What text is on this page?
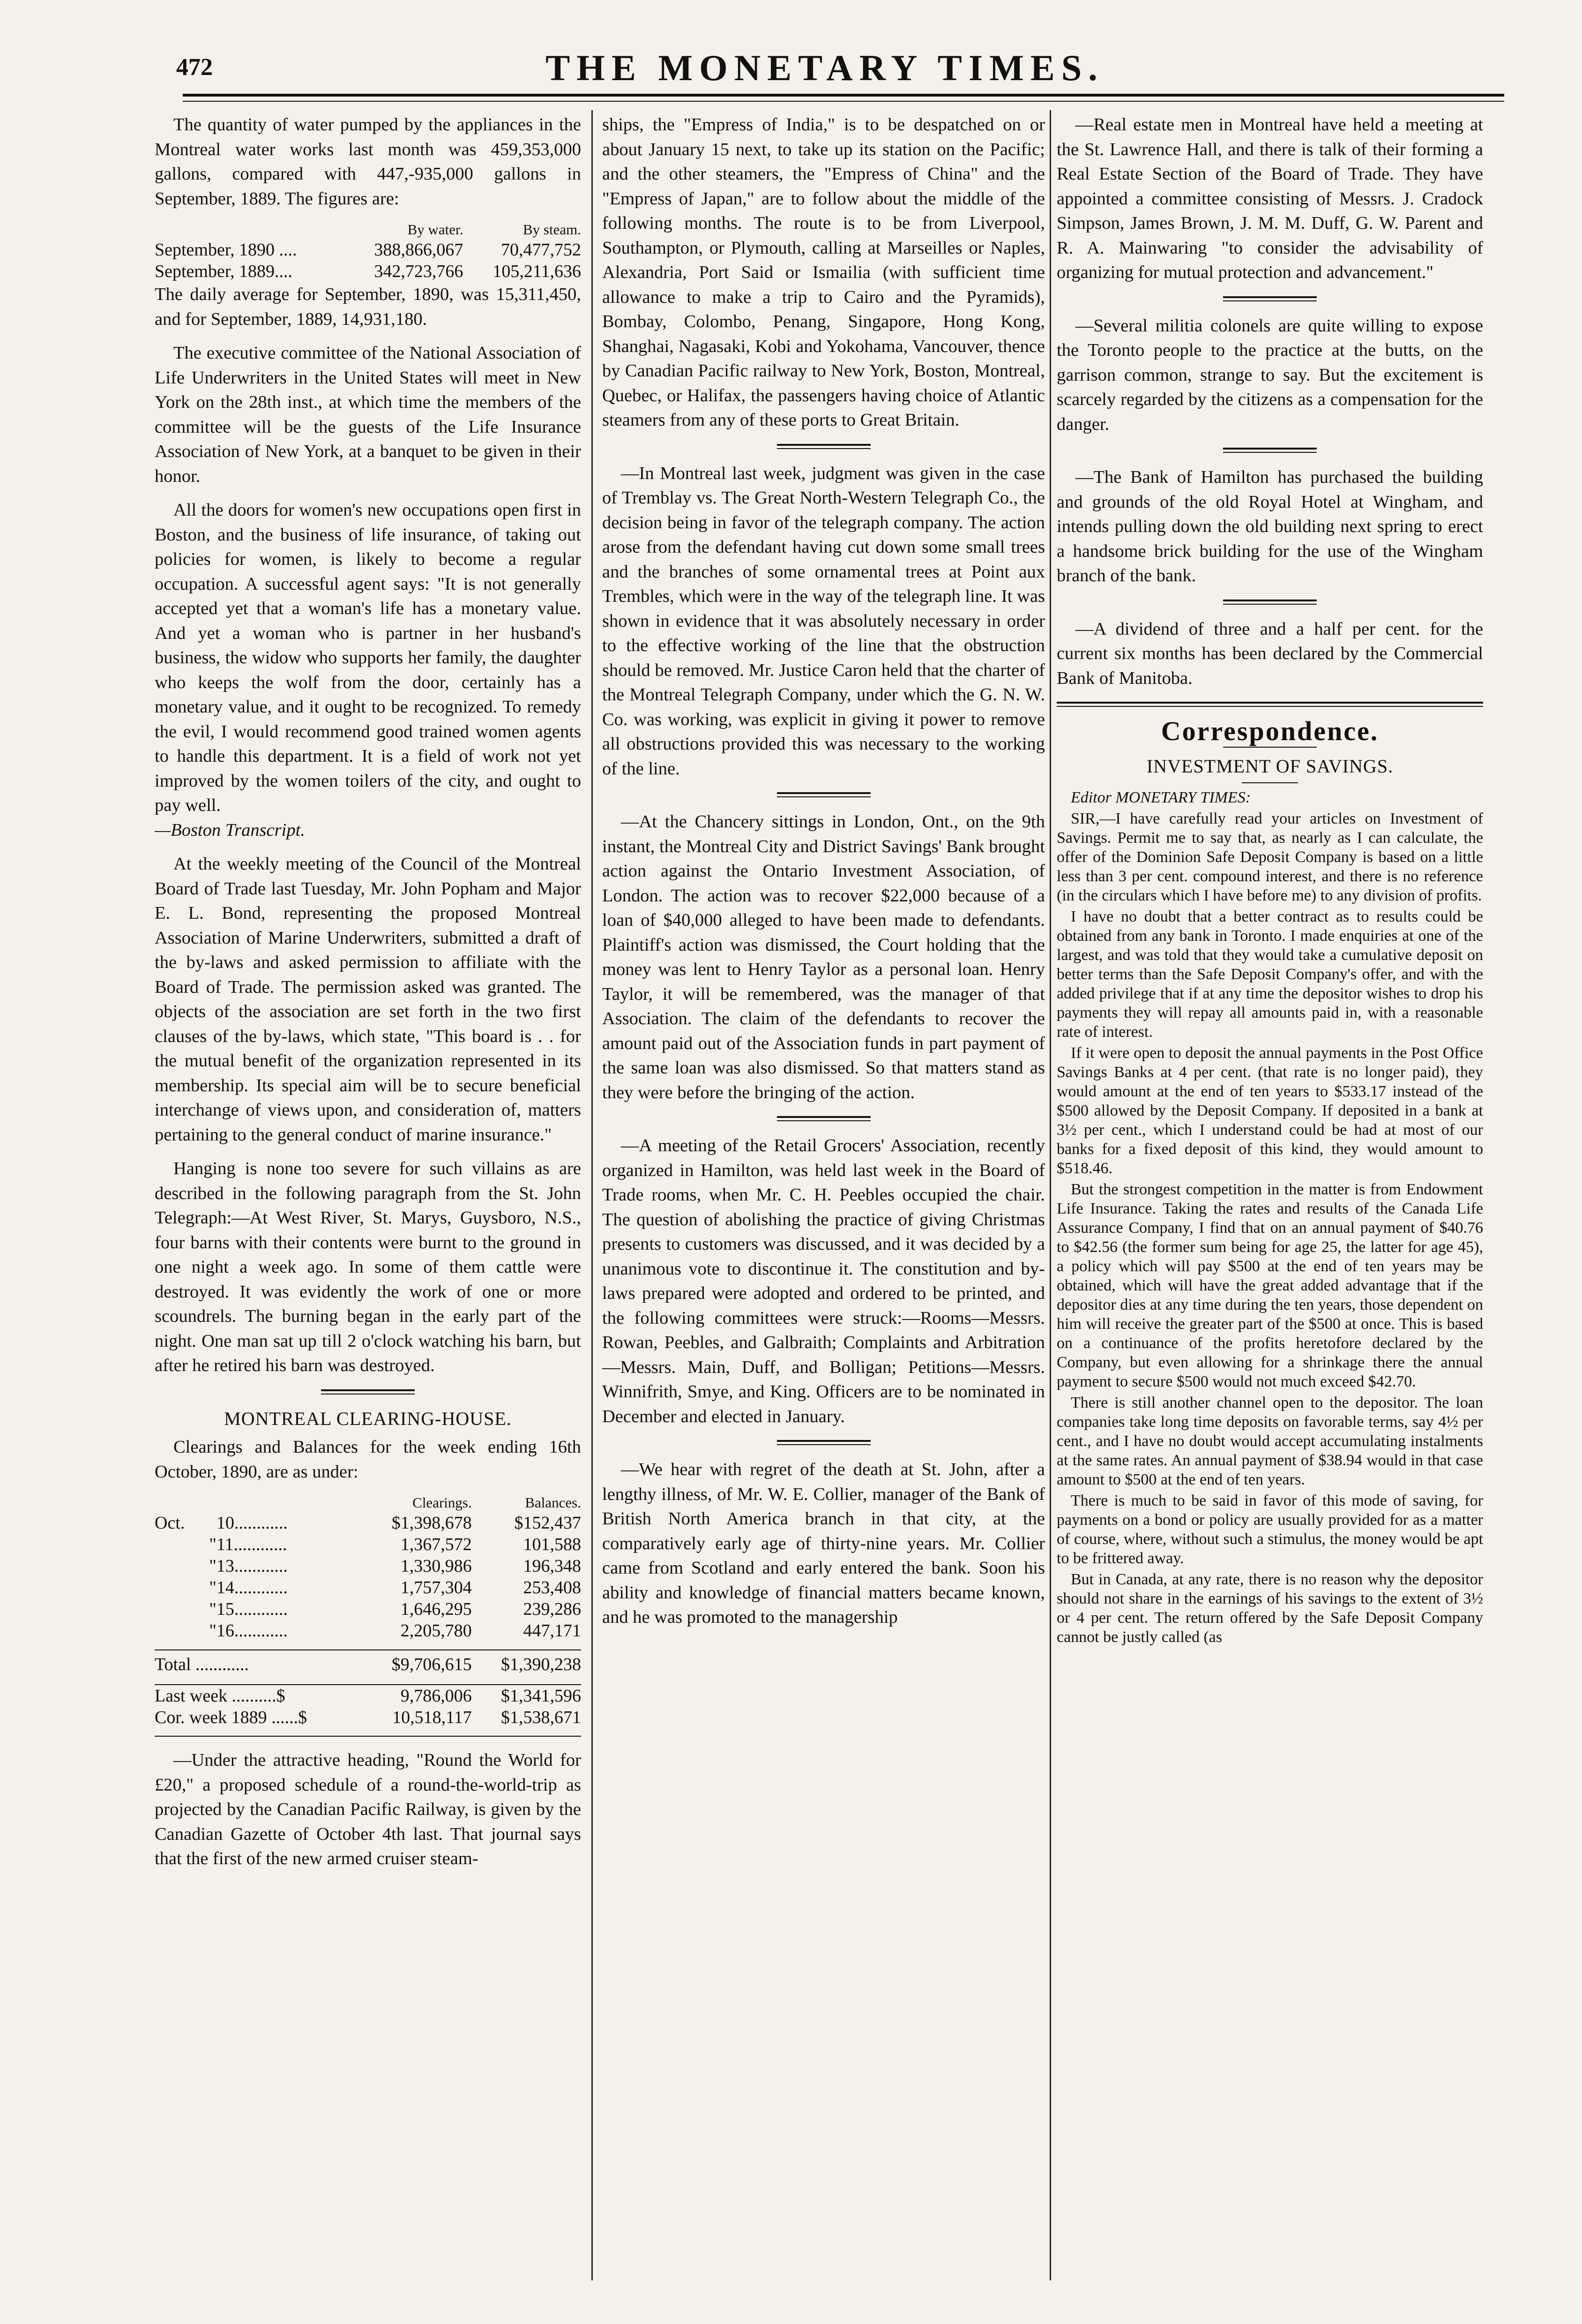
472	THE MONETARY TIMES.

The quantity of water pumped by the appliances in the Montreal water works last month was 459,353,000 gallons, compared with 447,-935,000 gallons in September, 1889. The figures are:

	By water.	By steam.
September, 1890 ....	388,866,067	70,477,752
September, 1889....	342,723,766	105,211,636

The daily average for September, 1890, was 15,311,450, and for September, 1889, 14,931,180.

The executive committee of the National Association of Life Underwriters in the United States will meet in New York on the 28th inst., at which time the members of the committee will be the guests of the Life Insurance Association of New York, at a banquet to be given in their honor.

All the doors for women's new occupations open first in Boston, and the business of life insurance, of taking out policies for women, is likely to become a regular occupation. A successful agent says: "It is not generally accepted yet that a woman's life has a monetary value. And yet a woman who is partner in her husband's business, the widow who supports her family, the daughter who keeps the wolf from the door, certainly has a monetary value, and it ought to be recognized. To remedy the evil, I would recommend good trained women agents to handle this department. It is a field of work not yet improved by the women toilers of the city, and ought to pay well.
—Boston Transcript.

At the weekly meeting of the Council of the Montreal Board of Trade last Tuesday, Mr. John Popham and Major E. L. Bond, representing the proposed Montreal Association of Marine Underwriters, submitted a draft of the by-laws and asked permission to affiliate with the Board of Trade. The permission asked was granted. The objects of the association are set forth in the two first clauses of the by-laws, which state, "This board is . . for the mutual benefit of the organization represented in its membership. Its special aim will be to secure beneficial interchange of views upon, and consideration of, matters pertaining to the general conduct of marine insurance."

Hanging is none too severe for such villains as are described in the following paragraph from the St. John Telegraph:—At West River, St. Marys, Guysboro, N.S., four barns with their contents were burnt to the ground in one night a week ago. In some of them cattle were destroyed. It was evidently the work of one or more scoundrels. The burning began in the early part of the night. One man sat up till 2 o'clock watching his barn, but after he retired his barn was destroyed.

MONTREAL CLEARING-HOUSE.

Clearings and Balances for the week ending 16th October, 1890, are as under:

		Clearings.	Balances.
Oct.	10............	$1,398,678	$152,437
"	11............	1,367,572	101,588
"	13............	1,330,986	196,348
"	14............	1,757,304	253,408
"	15............	1,646,295	239,286
"	16............	2,205,780	447,171

Total ............		$9,706,615	$1,390,238

Last week ..........$		9,786,006	$1,341,596
Cor. week 1889 ......$		10,518,117	$1,538,671

—Under the attractive heading, "Round the World for £20," a proposed schedule of a round-the-world-trip as projected by the Canadian Pacific Railway, is given by the Canadian Gazette of October 4th last. That journal says that the first of the new armed cruiser steam-

ships, the "Empress of India," is to be despatched on or about January 15 next, to take up its station on the Pacific; and the other steamers, the "Empress of China" and the "Empress of Japan," are to follow about the middle of the following months. The route is to be from Liverpool, Southampton, or Plymouth, calling at Marseilles or Naples, Alexandria, Port Said or Ismailia (with sufficient time allowance to make a trip to Cairo and the Pyramids), Bombay, Colombo, Penang, Singapore, Hong Kong, Shanghai, Nagasaki, Kobi and Yokohama, Vancouver, thence by Canadian Pacific railway to New York, Boston, Montreal, Quebec, or Halifax, the passengers having choice of Atlantic steamers from any of these ports to Great Britain.

—In Montreal last week, judgment was given in the case of Tremblay vs. The Great North-Western Telegraph Co., the decision being in favor of the telegraph company. The action arose from the defendant having cut down some small trees and the branches of some ornamental trees at Point aux Trembles, which were in the way of the telegraph line. It was shown in evidence that it was absolutely necessary in order to the effective working of the line that the obstruction should be removed. Mr. Justice Caron held that the charter of the Montreal Telegraph Company, under which the G. N. W. Co. was working, was explicit in giving it power to remove all obstructions provided this was necessary to the working of the line.

—At the Chancery sittings in London, Ont., on the 9th instant, the Montreal City and District Savings' Bank brought action against the Ontario Investment Association, of London. The action was to recover $22,000 because of a loan of $40,000 alleged to have been made to defendants. Plaintiff's action was dismissed, the Court holding that the money was lent to Henry Taylor as a personal loan. Henry Taylor, it will be remembered, was the manager of that Association. The claim of the defendants to recover the amount paid out of the Association funds in part payment of the same loan was also dismissed. So that matters stand as they were before the bringing of the action.

—A meeting of the Retail Grocers' Association, recently organized in Hamilton, was held last week in the Board of Trade rooms, when Mr. C. H. Peebles occupied the chair. The question of abolishing the practice of giving Christmas presents to customers was discussed, and it was decided by a unanimous vote to discontinue it. The constitution and by-laws prepared were adopted and ordered to be printed, and the following committees were struck:—Rooms—Messrs. Rowan, Peebles, and Galbraith; Complaints and Arbitration—Messrs. Main, Duff, and Bolligan; Petitions—Messrs. Winnifrith, Smye, and King. Officers are to be nominated in December and elected in January.

—We hear with regret of the death at St. John, after a lengthy illness, of Mr. W. E. Collier, manager of the Bank of British North America branch in that city, at the comparatively early age of thirty-nine years. Mr. Collier came from Scotland and early entered the bank. Soon his ability and knowledge of financial matters became known, and he was promoted to the managership

—Real estate men in Montreal have held a meeting at the St. Lawrence Hall, and there is talk of their forming a Real Estate Section of the Board of Trade. They have appointed a committee consisting of Messrs. J. Cradock Simpson, James Brown, J. M. M. Duff, G. W. Parent and R. A. Mainwaring "to consider the advisability of organizing for mutual protection and advancement."

—Several militia colonels are quite willing to expose the Toronto people to the practice at the butts, on the garrison common, strange to say. But the excitement is scarcely regarded by the citizens as a compensation for the danger.

—The Bank of Hamilton has purchased the building and grounds of the old Royal Hotel at Wingham, and intends pulling down the old building next spring to erect a handsome brick building for the use of the Wingham branch of the bank.

—A dividend of three and a half per cent. for the current six months has been declared by the Commercial Bank of Manitoba.

Correspondence.
INVESTMENT OF SAVINGS.

Editor MONETARY TIMES:

SIR,—I have carefully read your articles on Investment of Savings. Permit me to say that, as nearly as I can calculate, the offer of the Dominion Safe Deposit Company is based on a little less than 3 per cent. compound interest, and there is no reference (in the circulars which I have before me) to any division of profits.

I have no doubt that a better contract as to results could be obtained from any bank in Toronto. I made enquiries at one of the largest, and was told that they would take a cumulative deposit on better terms than the Safe Deposit Company's offer, and with the added privilege that if at any time the depositor wishes to drop his payments they will repay all amounts paid in, with a reasonable rate of interest.

If it were open to deposit the annual payments in the Post Office Savings Banks at 4 per cent. (that rate is no longer paid), they would amount at the end of ten years to $533.17 instead of the $500 allowed by the Deposit Company. If deposited in a bank at 3½ per cent., which I understand could be had at most of our banks for a fixed deposit of this kind, they would amount to $518.46.

But the strongest competition in the matter is from Endowment Life Insurance. Taking the rates and results of the Canada Life Assurance Company, I find that on an annual payment of $40.76 to $42.56 (the former sum being for age 25, the latter for age 45), a policy which will pay $500 at the end of ten years may be obtained, which will have the great added advantage that if the depositor dies at any time during the ten years, those dependent on him will receive the greater part of the $500 at once. This is based on a continuance of the profits heretofore declared by the Company, but even allowing for a shrinkage there the annual payment to secure $500 would not much exceed $42.70.

There is still another channel open to the depositor. The loan companies take long time deposits on favorable terms, say 4½ per cent., and I have no doubt would accept accumulating instalments at the same rates. An annual payment of $38.94 would in that case amount to $500 at the end of ten years.

There is much to be said in favor of this mode of saving, for payments on a bond or policy are usually provided for as a matter of course, where, without such a stimulus, the money would be apt to be frittered away.

But in Canada, at any rate, there is no reason why the depositor should not share in the earnings of his savings to the extent of 3½ or 4 per cent. The return offered by the Safe Deposit Company cannot be justly called (as
